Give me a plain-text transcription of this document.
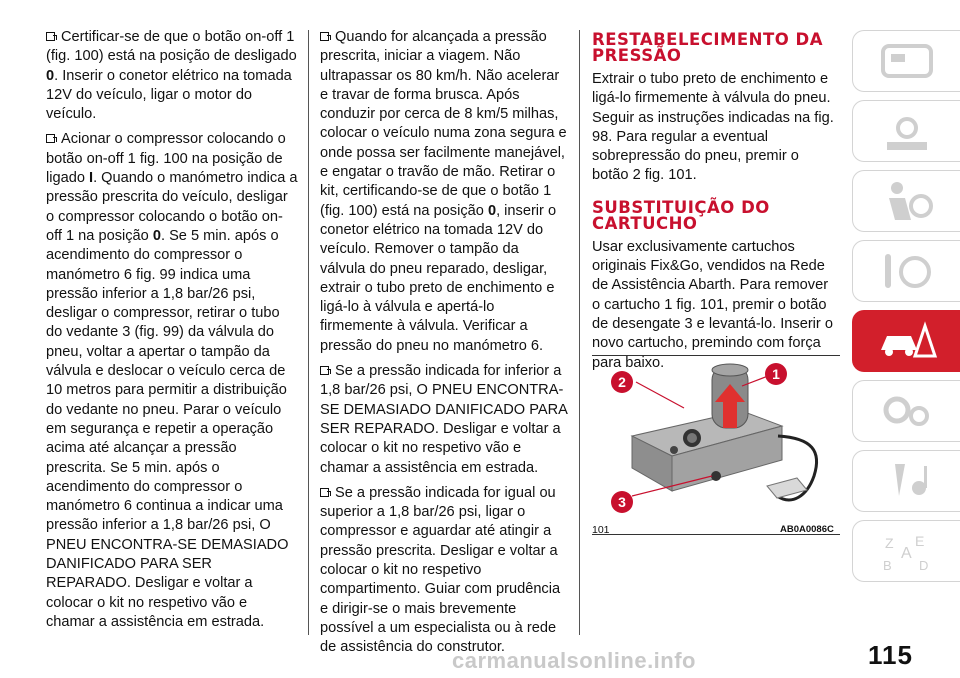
Certificar-se de que o botão on-off 1 (fig. 100) está na posição de desligado 0. Inserir o conetor elétrico na tomada 12V do veículo, ligar o motor do veículo.

Acionar o compressor colocando o botão on-off 1 fig. 100 na posição de ligado I. Quando o manómetro indica a pressão prescrita do veículo, desligar o compressor colocando o botão on-off 1 na posição 0. Se 5 min. após o acendimento do compressor o manómetro 6 fig. 99 indica uma pressão inferior a 1,8 bar/26 psi, desligar o compressor, retirar o tubo do vedante 3 (fig. 99) da válvula do pneu, voltar a apertar o tampão da válvula e deslocar o veículo cerca de 10 metros para permitir a distribuição do vedante no pneu. Parar o veículo em segurança e repetir a operação acima até alcançar a pressão prescrita. Se 5 min. após o acendimento do compressor o manómetro 6 continua a indicar uma pressão inferior a 1,8 bar/26 psi, O PNEU ENCONTRA-SE DEMASIADO DANIFICADO PARA SER REPARADO. Desligar e voltar a colocar o kit no respetivo vão e chamar a assistência em estrada.

Quando for alcançada a pressão prescrita, iniciar a viagem. Não ultrapassar os 80 km/h. Não acelerar e travar de forma brusca. Após conduzir por cerca de 8 km/5 milhas, colocar o veículo numa zona segura e onde possa ser facilmente manejável, e engatar o travão de mão. Retirar o kit, certificando-se de que o botão 1 (fig. 100) está na posição 0, inserir o conetor elétrico na tomada 12V do veículo. Remover o tampão da válvula do pneu reparado, desligar, extrair o tubo preto de enchimento e ligá-lo à válvula e apertá-lo firmemente à válvula. Verificar a pressão do pneu no manómetro 6.

Se a pressão indicada for inferior a 1,8 bar/26 psi, O PNEU ENCONTRA-SE DEMASIADO DANIFICADO PARA SER REPARADO. Desligar e voltar a colocar o kit no respetivo vão e chamar a assistência em estrada.

Se a pressão indicada for igual ou superior a 1,8 bar/26 psi, ligar o compressor e aguardar até atingir a pressão prescrita. Desligar e voltar a colocar o kit no respetivo compartimento. Guiar com prudência e dirigir-se o mais brevemente possível a um especialista ou à rede de assistência do construtor.

RESTABELECIMENTO DA PRESSÃO

Extrair o tubo preto de enchimento e ligá-lo firmemente à válvula do pneu. Seguir as instruções indicadas na fig. 98. Para regular a eventual sobrepressão do pneu, premir o botão 2 fig. 101.

SUBSTITUIÇÃO DO CARTUCHO

Usar exclusivamente cartuchos originais Fix&Go, vendidos na Rede de Assistência Abarth. Para remover o cartucho 1 fig. 101, premir o botão de desengate 3 e levantá-lo. Inserir o novo cartucho, premindo com força para baixo.

2	1
3
101	AB0A0086C
Z E
A
B D
carmanualsonline.info	115
